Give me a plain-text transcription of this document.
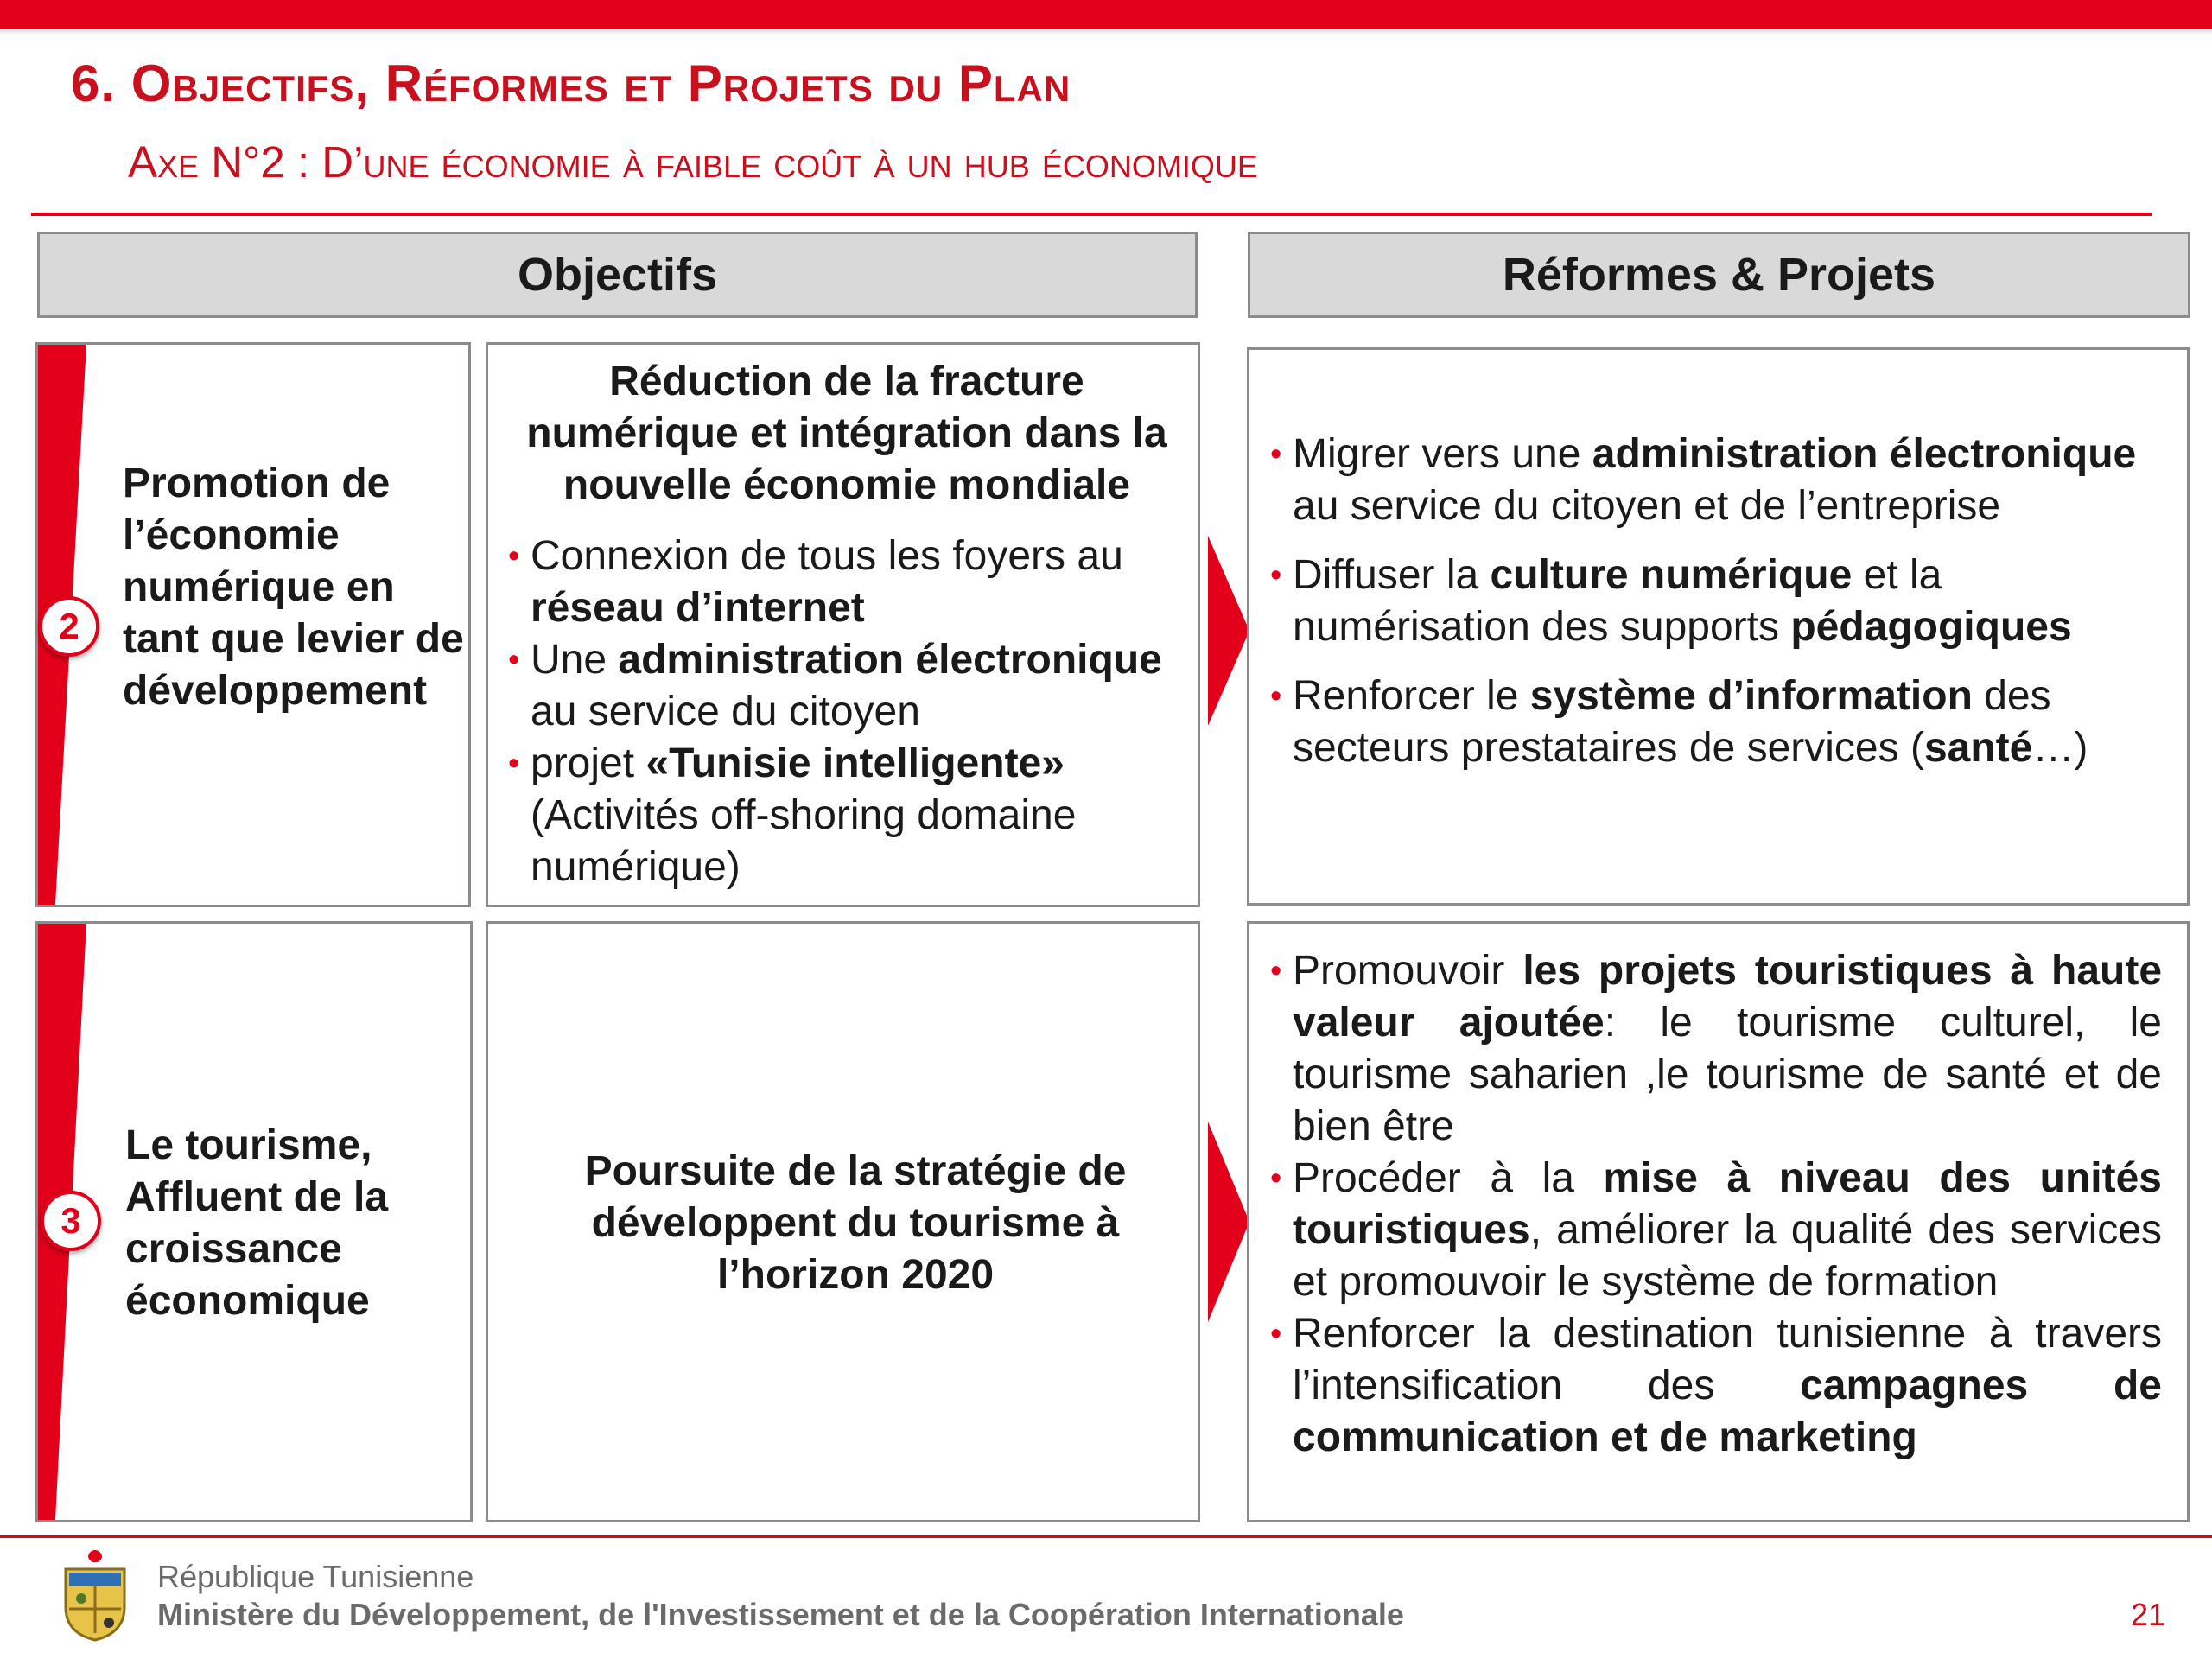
6. Objectifs, Réformes et Projets du Plan
Axe N°2 : D’une économie à faible coût à un hub économique
Objectifs	Réformes & Projets
2
Promotion de l’économie numérique en tant que levier de développement
Réduction de la fracture numérique et intégration dans la nouvelle économie mondiale
• Connexion de tous les foyers au réseau d’internet
• Une administration électronique au service du citoyen
• projet «Tunisie intelligente» (Activités off-shoring domaine numérique)
• Migrer vers une administration électronique au service du citoyen et de l’entreprise
• Diffuser la culture numérique et la numérisation des supports pédagogiques
• Renforcer le système d’information des secteurs prestataires de services (santé…)
3
Le tourisme, Affluent de la croissance économique
Poursuite de la stratégie de développent du tourisme à l’horizon 2020
• Promouvoir les projets touristiques à haute valeur ajoutée: le tourisme culturel, le tourisme saharien ,le tourisme de santé et de bien être
• Procéder à la mise à niveau des unités touristiques, améliorer la qualité des services et promouvoir le système de formation
• Renforcer la destination tunisienne à travers l’intensification des campagnes de communication et de marketing
République Tunisienne
Ministère du Développement, de l'Investissement et de la Coopération Internationale	21
